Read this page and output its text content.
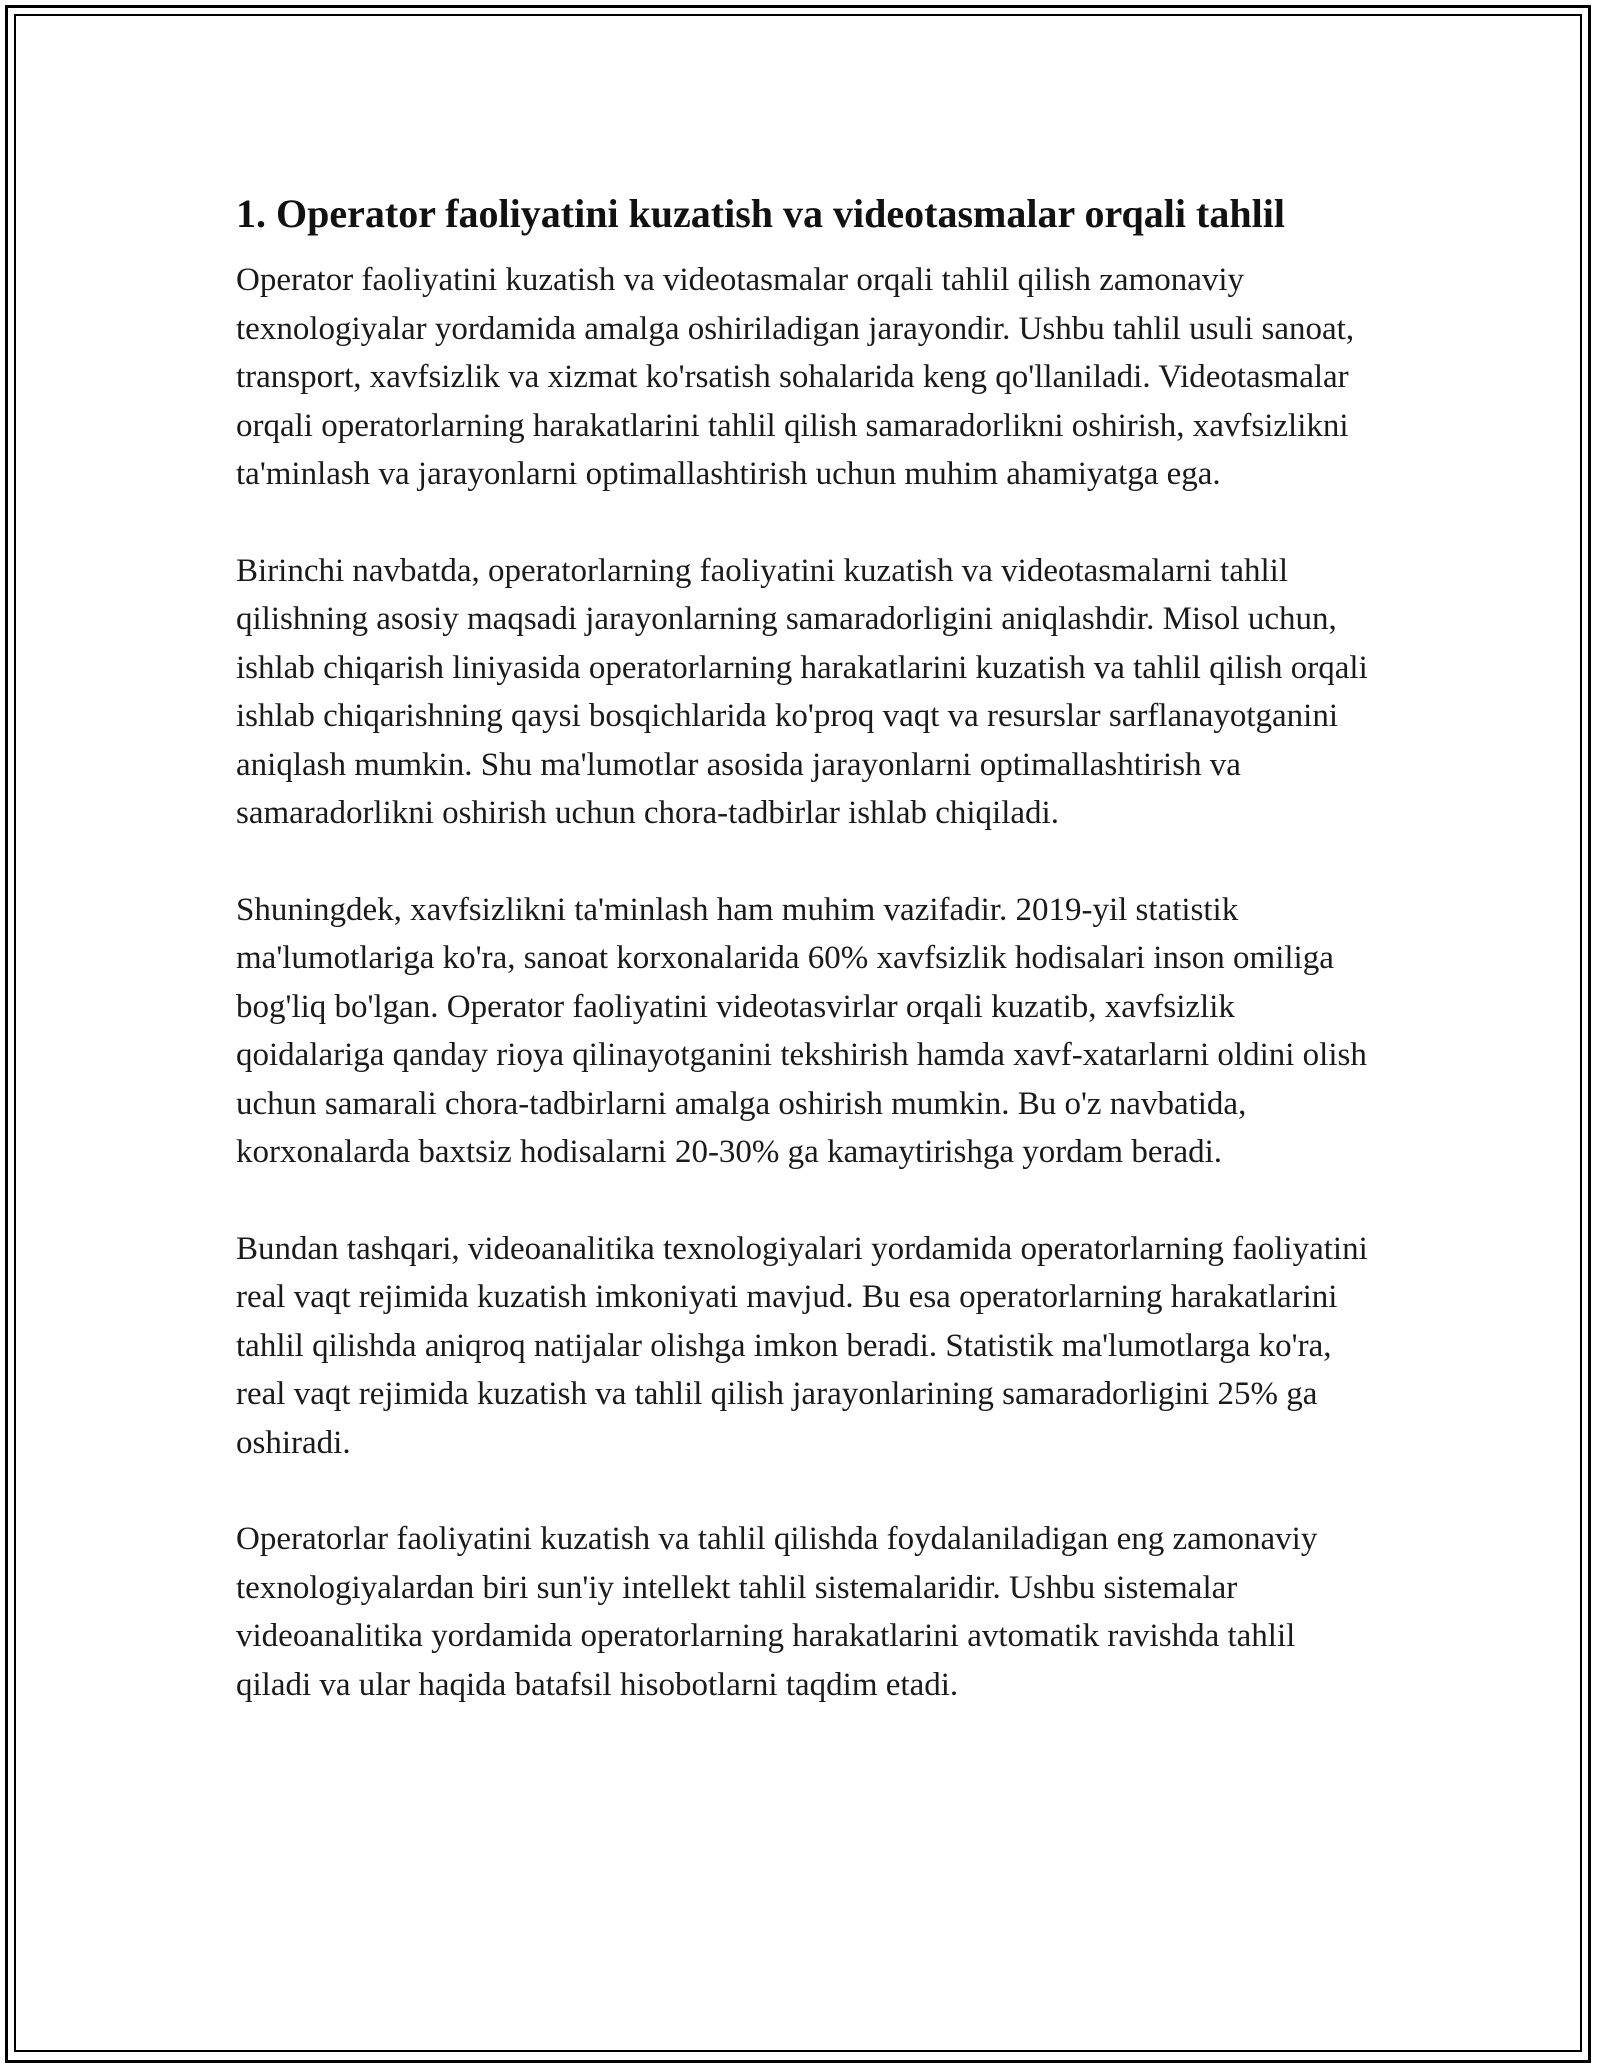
1. Operator faoliyatini kuzatish va videotasmalar orqali tahlil

Operator faoliyatini kuzatish va videotasmalar orqali tahlil qilish zamonaviy texnologiyalar yordamida amalga oshiriladigan jarayondir. Ushbu tahlil usuli sanoat, transport, xavfsizlik va xizmat ko'rsatish sohalarida keng qo'llaniladi. Videotasmalar orqali operatorlarning harakatlarini tahlil qilish samaradorlikni oshirish, xavfsizlikni ta'minlash va jarayonlarni optimallashtirish uchun muhim ahamiyatga ega.

Birinchi navbatda, operatorlarning faoliyatini kuzatish va videotasmalarni tahlil qilishning asosiy maqsadi jarayonlarning samaradorligini aniqlashdir. Misol uchun, ishlab chiqarish liniyasida operatorlarning harakatlarini kuzatish va tahlil qilish orqali ishlab chiqarishning qaysi bosqichlarida ko'proq vaqt va resurslar sarflanayotganini aniqlash mumkin. Shu ma'lumotlar asosida jarayonlarni optimallashtirish va samaradorlikni oshirish uchun chora-tadbirlar ishlab chiqiladi.

Shuningdek, xavfsizlikni ta'minlash ham muhim vazifadir. 2019-yil statistik ma'lumotlariga ko'ra, sanoat korxonalarida 60% xavfsizlik hodisalari inson omiliga bog'liq bo'lgan. Operator faoliyatini videotasvirlar orqali kuzatib, xavfsizlik qoidalariga qanday rioya qilinayotganini tekshirish hamda xavf-xatarlarni oldini olish uchun samarali chora-tadbirlarni amalga oshirish mumkin. Bu o'z navbatida, korxonalarda baxtsiz hodisalarni 20-30% ga kamaytirishga yordam beradi.

Bundan tashqari, videoanalitika texnologiyalari yordamida operatorlarning faoliyatini real vaqt rejimida kuzatish imkoniyati mavjud. Bu esa operatorlarning harakatlarini tahlil qilishda aniqroq natijalar olishga imkon beradi. Statistik ma'lumotlarga ko'ra, real vaqt rejimida kuzatish va tahlil qilish jarayonlarining samaradorligini 25% ga oshiradi.

Operatorlar faoliyatini kuzatish va tahlil qilishda foydalaniladigan eng zamonaviy texnologiyalardan biri sun'iy intellekt tahlil sistemalaridir. Ushbu sistemalar videoanalitika yordamida operatorlarning harakatlarini avtomatik ravishda tahlil qiladi va ular haqida batafsil hisobotlarni taqdim etadi.
